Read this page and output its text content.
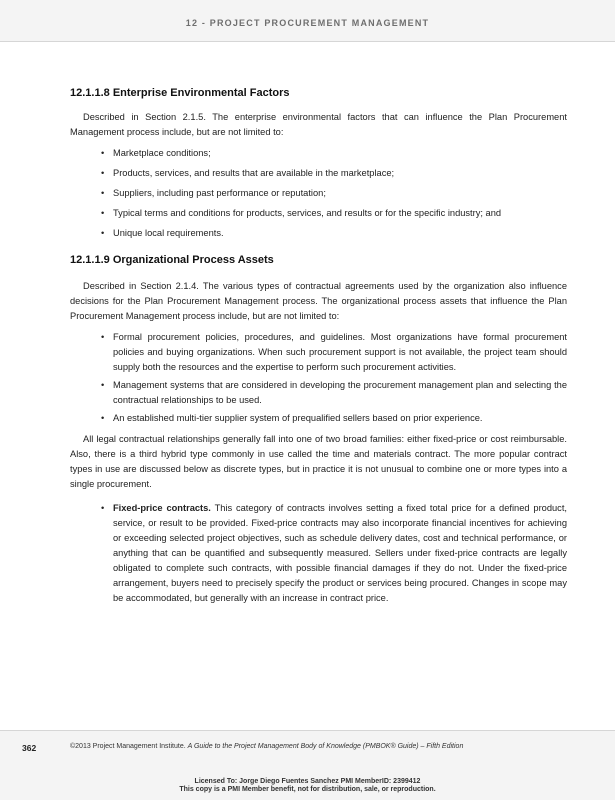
12 - PROJECT PROCUREMENT MANAGEMENT
12.1.1.8 Enterprise Environmental Factors

Described in Section 2.1.5. The enterprise environmental factors that can influence the Plan Procurement Management process include, but are not limited to:

• Marketplace conditions;
• Products, services, and results that are available in the marketplace;
• Suppliers, including past performance or reputation;
• Typical terms and conditions for products, services, and results or for the specific industry; and
• Unique local requirements.
12.1.1.9 Organizational Process Assets

Described in Section 2.1.4. The various types of contractual agreements used by the organization also influence decisions for the Plan Procurement Management process. The organizational process assets that influence the Plan Procurement Management process include, but are not limited to:

• Formal procurement policies, procedures, and guidelines. Most organizations have formal procurement policies and buying organizations. When such procurement support is not available, the project team should supply both the resources and the expertise to perform such procurement activities.
• Management systems that are considered in developing the procurement management plan and selecting the contractual relationships to be used.
• An established multi-tier supplier system of prequalified sellers based on prior experience.

All legal contractual relationships generally fall into one of two broad families: either fixed-price or cost reimbursable. Also, there is a third hybrid type commonly in use called the time and materials contract. The more popular contract types in use are discussed below as discrete types, but in practice it is not unusual to combine one or more types into a single procurement.

• Fixed-price contracts. This category of contracts involves setting a fixed total price for a defined product, service, or result to be provided. Fixed-price contracts may also incorporate financial incentives for achieving or exceeding selected project objectives, such as schedule delivery dates, cost and technical performance, or anything that can be quantified and subsequently measured. Sellers under fixed-price contracts are legally obligated to complete such contracts, with possible financial damages if they do not. Under the fixed-price arrangement, buyers need to precisely specify the product or services being procured. Changes in scope may be accommodated, but generally with an increase in contract price.
362	©2013 Project Management Institute. A Guide to the Project Management Body of Knowledge (PMBOK® Guide) – Fifth Edition
Licensed To: Jorge Diego Fuentes Sanchez PMI MemberID: 2399412
This copy is a PMI Member benefit, not for distribution, sale, or reproduction.
